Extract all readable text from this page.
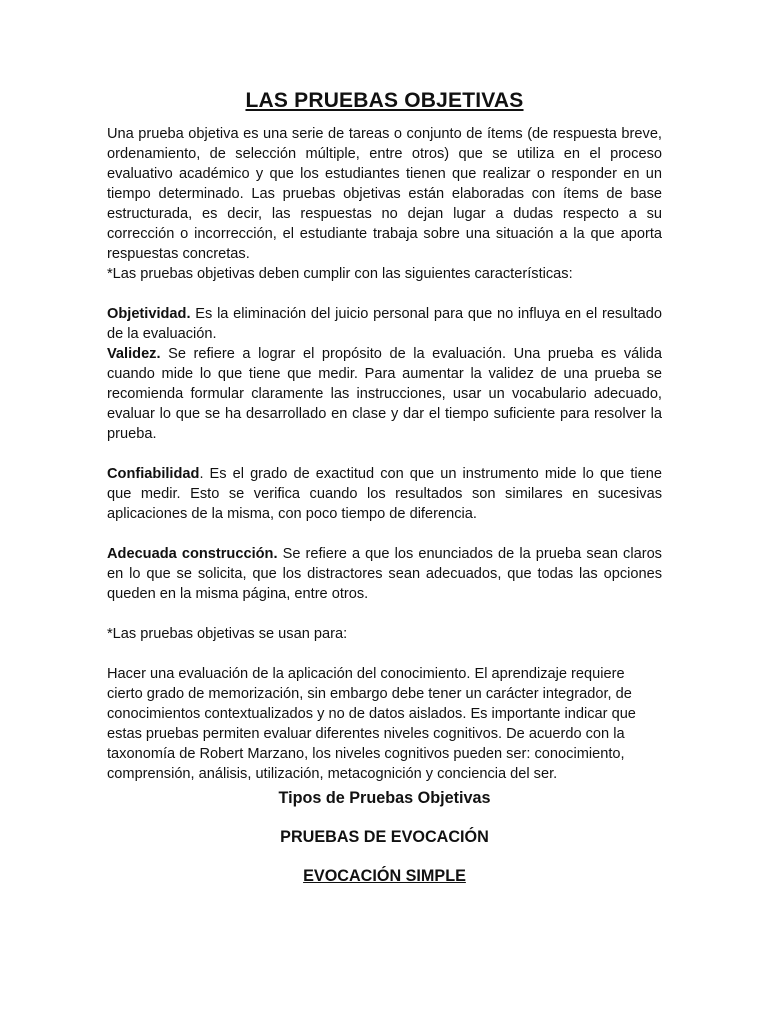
LAS PRUEBAS OBJETIVAS

Una prueba objetiva es una serie de tareas o conjunto de ítems (de respuesta breve, ordenamiento, de selección múltiple, entre otros) que se utiliza en el proceso evaluativo académico y que los estudiantes tienen que realizar o responder en un tiempo determinado. Las pruebas objetivas están elaboradas con ítems de base estructurada, es decir, las respuestas no dejan lugar a dudas respecto a su corrección o incorrección, el estudiante trabaja sobre una situación a la que aporta respuestas concretas.

*Las pruebas objetivas deben cumplir con las siguientes características:

Objetividad. Es la eliminación del juicio personal para que no influya en el resultado de la evaluación.

Validez. Se refiere a lograr el propósito de la evaluación. Una prueba es válida cuando mide lo que tiene que medir. Para aumentar la validez de una prueba se recomienda formular claramente las instrucciones, usar un vocabulario adecuado, evaluar lo que se ha desarrollado en clase y dar el tiempo suficiente para resolver la prueba.

Confiabilidad. Es el grado de exactitud con que un instrumento mide lo que tiene que medir. Esto se verifica cuando los resultados son similares en sucesivas aplicaciones de la misma, con poco tiempo de diferencia.

Adecuada construcción. Se refiere a que los enunciados de la prueba sean claros en lo que se solicita, que los distractores sean adecuados, que todas las opciones queden en la misma página, entre otros.

*Las pruebas objetivas se usan para:

Hacer una evaluación de la aplicación del conocimiento. El aprendizaje requiere cierto grado de memorización, sin embargo debe tener un carácter integrador, de conocimientos contextualizados y no de datos aislados. Es importante indicar que estas pruebas permiten evaluar diferentes niveles cognitivos. De acuerdo con la taxonomía de Robert Marzano, los niveles cognitivos pueden ser: conocimiento, comprensión, análisis, utilización, metacognición y conciencia del ser.

Tipos de Pruebas Objetivas

PRUEBAS DE EVOCACIÓN

EVOCACIÓN SIMPLE
